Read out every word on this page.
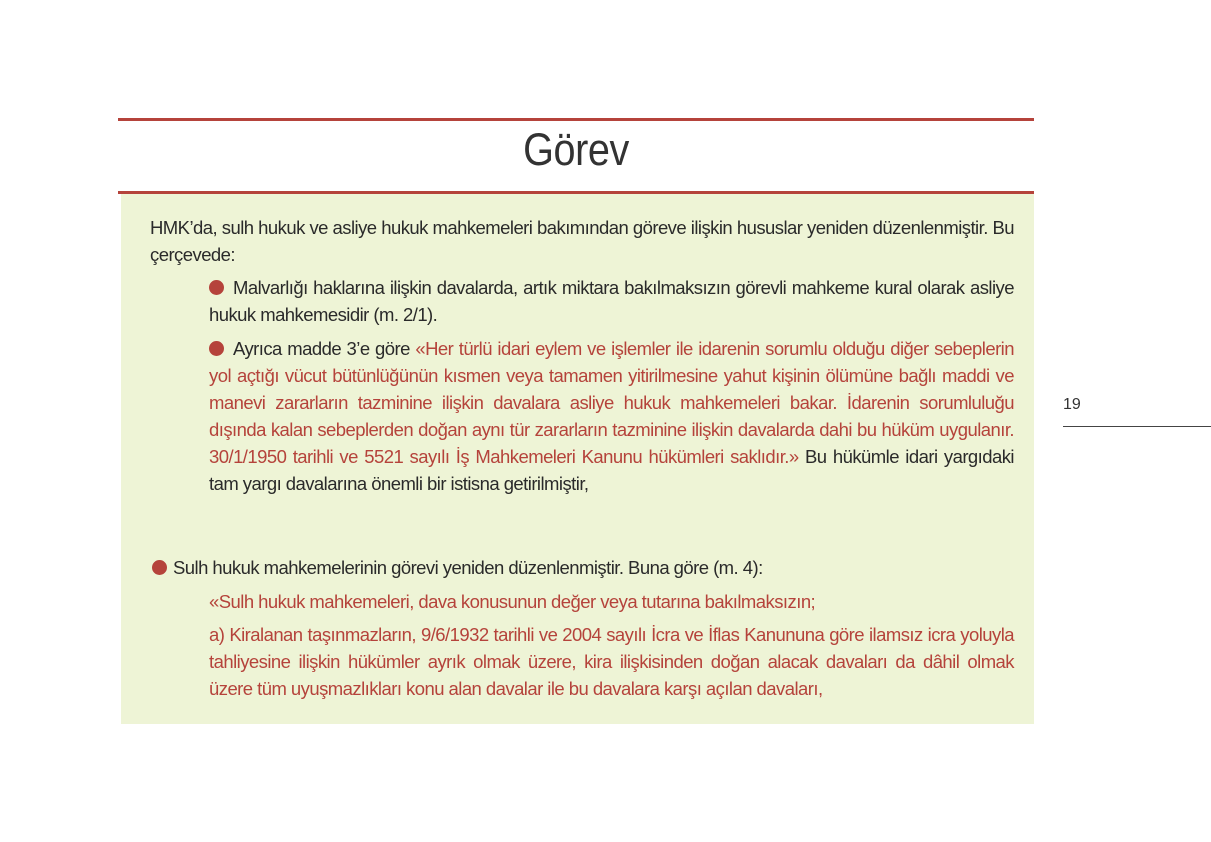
Görev

HMK’da, sulh hukuk ve asliye hukuk mahkemeleri bakımından göreve ilişkin hususlar yeniden düzenlenmiştir. Bu çerçevede:

Malvarlığı haklarına ilişkin davalarda, artık miktara bakılmaksızın görevli mahkeme kural olarak asliye hukuk mahkemesidir (m. 2/1).

Ayrıca madde 3’e göre «Her türlü idari eylem ve işlemler ile idarenin sorumlu olduğu diğer sebeplerin yol açtığı vücut bütünlüğünün kısmen veya tamamen yitirilmesine yahut kişinin ölümüne bağlı maddi ve manevi zararların tazminine ilişkin davalara asliye hukuk mahkemeleri bakar. İdarenin sorumluluğu dışında kalan sebeplerden doğan aynı tür zararların tazminine ilişkin davalarda dahi bu hüküm uygulanır. 30/1/1950 tarihli ve 5521 sayılı İş Mahkemeleri Kanunu hükümleri saklıdır.» Bu hükümle idari yargıdaki tam yargı davalarına önemli bir istisna getirilmiştir,

Sulh hukuk mahkemelerinin görevi yeniden düzenlenmiştir. Buna göre (m. 4):

«Sulh hukuk mahkemeleri, dava konusunun değer veya tutarına bakılmaksızın;

a) Kiralanan taşınmazların, 9/6/1932 tarihli ve 2004 sayılı İcra ve İflas Kanununa göre ilamsız icra yoluyla tahliyesine ilişkin hükümler ayrık olmak üzere, kira ilişkisinden doğan alacak davaları da dâhil olmak üzere tüm uyuşmazlıkları konu alan davalar ile bu davalara karşı açılan davaları,

19
